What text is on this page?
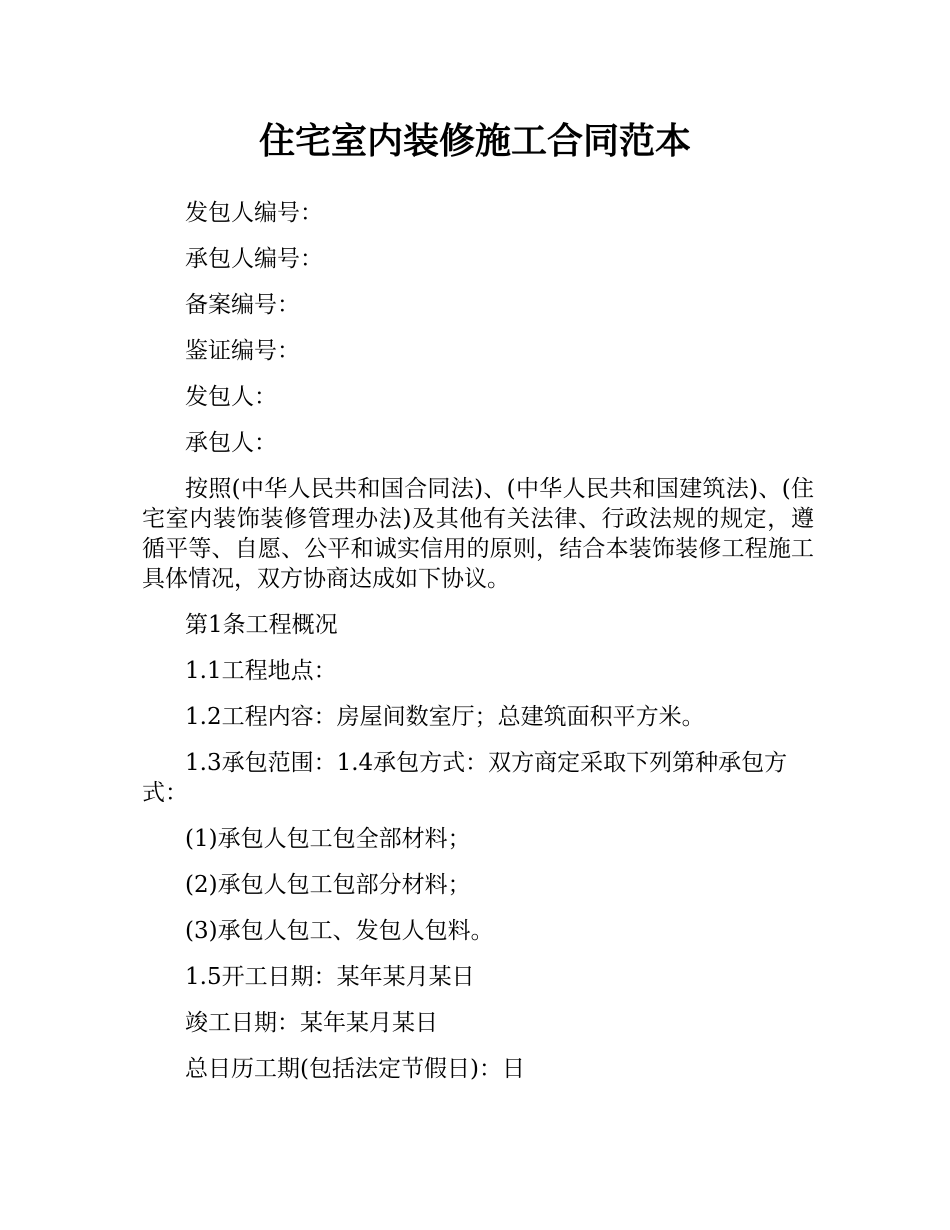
住宅室内装修施工合同范本

发包人编号：

承包人编号：

备案编号：

鉴证编号：

发包人：

承包人：

按照(中华人民共和国合同法)、(中华人民共和国建筑法)、(住宅室内装饰装修管理办法)及其他有关法律、行政法规的规定，遵循平等、自愿、公平和诚实信用的原则，结合本装饰装修工程施工具体情况，双方协商达成如下协议。

第1条工程概况

1.1工程地点：

1.2工程内容：房屋间数室厅；总建筑面积平方米。

1.3承包范围：1.4承包方式：双方商定采取下列第种承包方式：

(1)承包人包工包全部材料；

(2)承包人包工包部分材料；

(3)承包人包工、发包人包料。

1.5开工日期：某年某月某日

竣工日期：某年某月某日

总日历工期(包括法定节假日)：日
